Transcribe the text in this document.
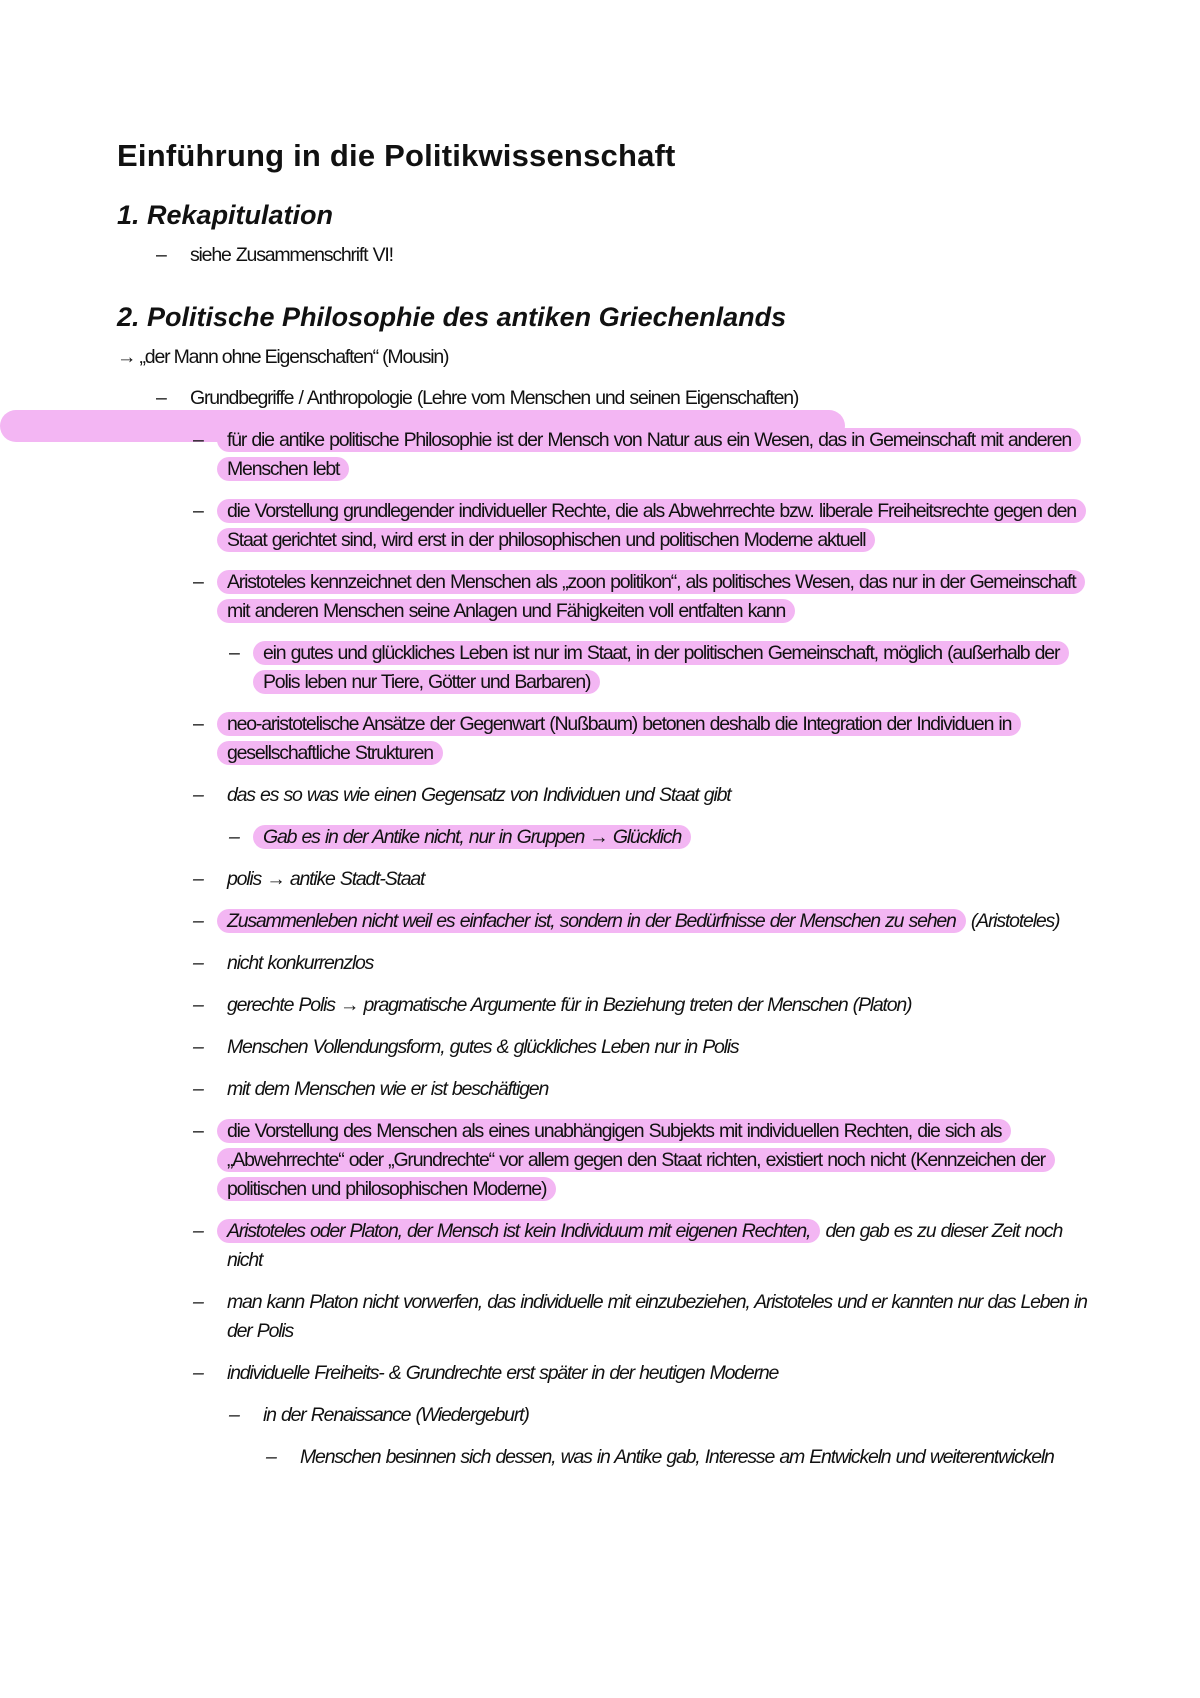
Einführung in die Politikwissenschaft
1. Rekapitulation
– siehe Zusammenschrift VI!
2. Politische Philosophie des antiken Griechenlands

→ „der Mann ohne Eigenschaften“ (Mousin)

– Grundbegriffe / Anthropologie (Lehre vom Menschen und seinen Eigenschaften)
– für die antike politische Philosophie ist der Mensch von Natur aus ein Wesen, das in Gemeinschaft mit anderen Menschen lebt
– die Vorstellung grundlegender individueller Rechte, die als Abwehrrechte bzw. liberale Freiheitsrechte gegen den Staat gerichtet sind, wird erst in der philosophischen und politischen Moderne aktuell
– Aristoteles kennzeichnet den Menschen als „zoon politikon“, als politisches Wesen, das nur in der Gemeinschaft mit anderen Menschen seine Anlagen und Fähigkeiten voll entfalten kann
– ein gutes und glückliches Leben ist nur im Staat, in der politischen Gemeinschaft, möglich (außerhalb der Polis leben nur Tiere, Götter und Barbaren)
– neo-aristotelische Ansätze der Gegenwart (Nußbaum) betonen deshalb die Integration der Individuen in gesellschaftliche Strukturen
– das es so was wie einen Gegensatz von Individuen und Staat gibt
– Gab es in der Antike nicht, nur in Gruppen → Glücklich
– polis → antike Stadt-Staat
– Zusammenleben nicht weil es einfacher ist, sondern in der Bedürfnisse der Menschen zu sehen (Aristoteles)
– nicht konkurrenzlos
– gerechte Polis → pragmatische Argumente für in Beziehung treten der Menschen (Platon)
– Menschen Vollendungsform, gutes & glückliches Leben nur in Polis
– mit dem Menschen wie er ist beschäftigen
– die Vorstellung des Menschen als eines unabhängigen Subjekts mit individuellen Rechten, die sich als „Abwehrrechte“ oder „Grundrechte“ vor allem gegen den Staat richten, existiert noch nicht (Kennzeichen der politischen und philosophischen Moderne)
– Aristoteles oder Platon, der Mensch ist kein Individuum mit eigenen Rechten, den gab es zu dieser Zeit noch nicht
– man kann Platon nicht vorwerfen, das individuelle mit einzubeziehen, Aristoteles und er kannten nur das Leben in der Polis
– individuelle Freiheits- & Grundrechte erst später in der heutigen Moderne
– in der Renaissance (Wiedergeburt)
– Menschen besinnen sich dessen, was in Antike gab, Interesse am Entwickeln und weiterentwickeln
